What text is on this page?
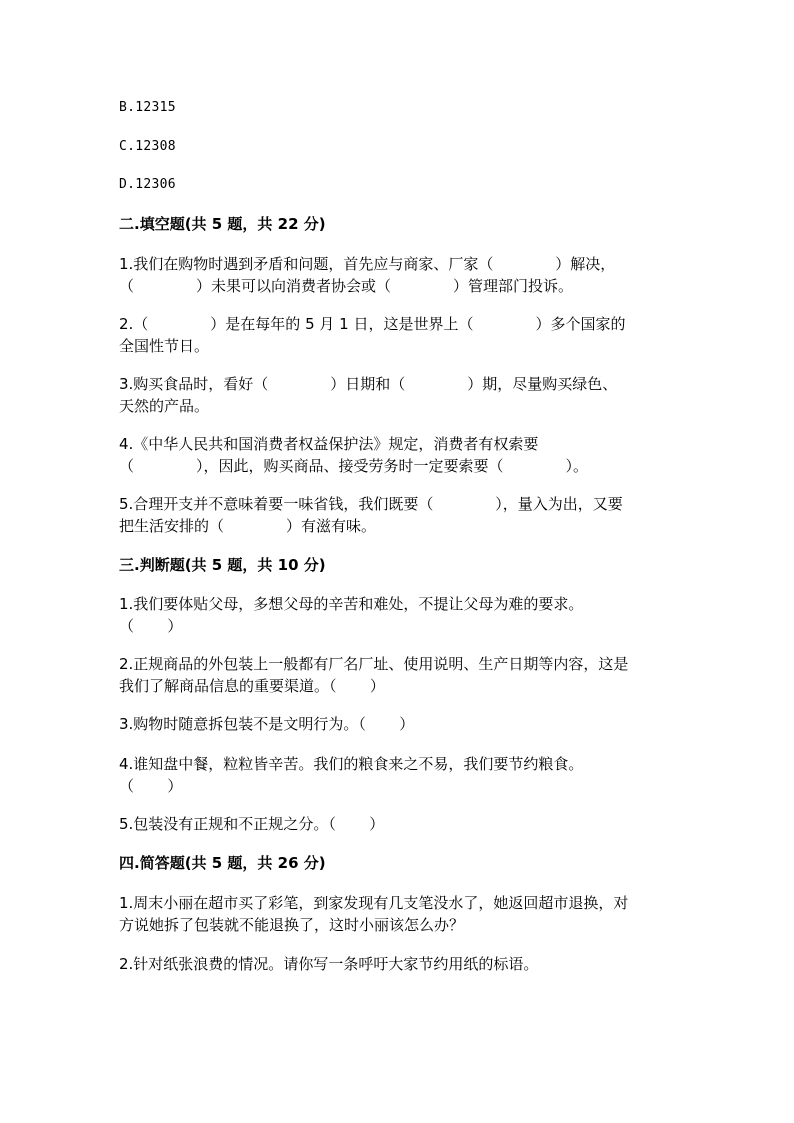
B.12315
C.12308
D.12306
二.填空题(共 5 题，共 22 分)
1.我们在购物时遇到矛盾和问题，首先应与商家、厂家（             ）解决，
（             ）未果可以向消费者协会或（             ）管理部门投诉。
2.（             ）是在每年的 5 月 1 日，这是世界上（             ）多个国家的
全国性节日。
3.购买食品时，看好（             ）日期和（             ）期，尽量购买绿色、
天然的产品。
4.《中华人民共和国消费者权益保护法》规定，消费者有权索要
（             ），因此，购买商品、接受劳务时一定要索要（             ）。
5.合理开支并不意味着要一味省钱，我们既要（             ），量入为出，又要
把生活安排的（             ）有滋有味。
三.判断题(共 5 题，共 10 分)
1.我们要体贴父母，多想父母的辛苦和难处，不提让父母为难的要求。
（       ）
2.正规商品的外包装上一般都有厂名厂址、使用说明、生产日期等内容，这是
我们了解商品信息的重要渠道。（       ）
3.购物时随意拆包装不是文明行为。（       ）
4.谁知盘中餐，粒粒皆辛苦。我们的粮食来之不易，我们要节约粮食。
（       ）
5.包装没有正规和不正规之分。（       ）
四.简答题(共 5 题，共 26 分)
1.周末小丽在超市买了彩笔，到家发现有几支笔没水了，她返回超市退换，对
方说她拆了包装就不能退换了，这时小丽该怎么办？
2.针对纸张浪费的情况。请你写一条呼吁大家节约用纸的标语。
